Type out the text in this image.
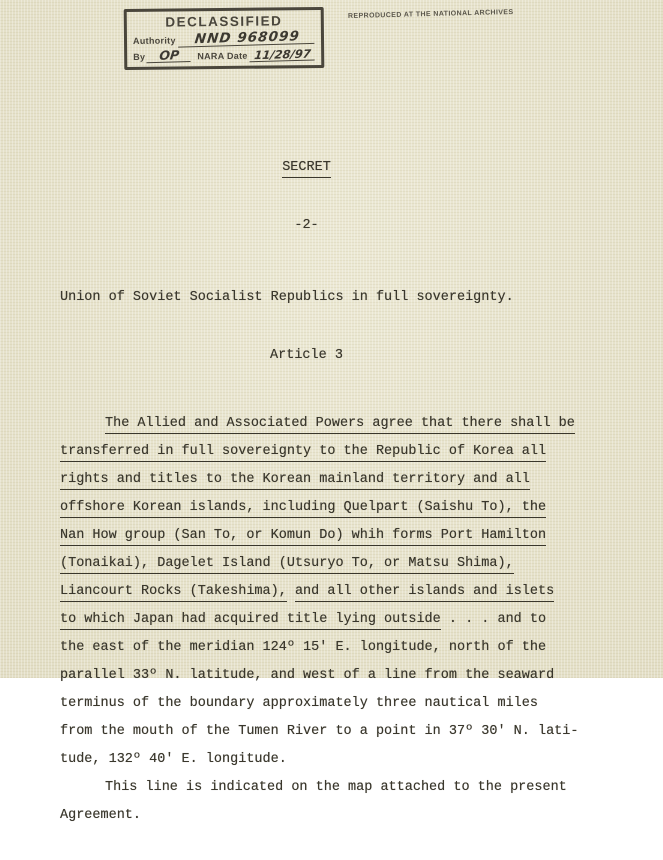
DECLASSIFIED
Authority	NND 968099
By	OP	NARA Date 11/28/97
REPRODUCED AT THE NATIONAL ARCHIVES

SECRET

-2-

Union of Soviet Socialist Republics in full sovereignty.

Article 3

The Allied and Associated Powers agree that there shall be
transferred in full sovereignty to the Republic of Korea all
rights and titles to the Korean mainland territory and all
offshore Korean islands, including Quelpart (Saishu To), the
Nan How group (San To, or Komun Do) whih forms Port Hamilton
(Tonaikai), Dagelet Island (Utsuryo To, or Matsu Shima),
Liancourt Rocks (Takeshima), and all other islands and islets
to which Japan had acquired title lying outside . . . and to
the east of the meridian 124º 15' E. longitude, north of the
parallel 33º N. latitude, and west of a line from the seaward
terminus of the boundary approximately three nautical miles
from the mouth of the Tumen River to a point in 37º 30' N. lati-
tude, 132º 40' E. longitude.
This line is indicated on the map attached to the present
Agreement.
